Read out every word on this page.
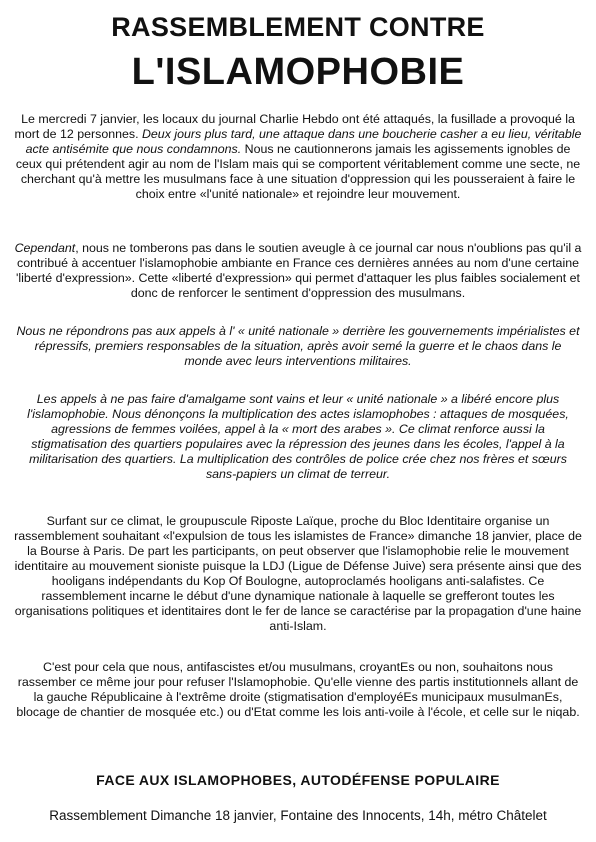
RASSEMBLEMENT CONTRE
L'ISLAMOPHOBIE

Le mercredi 7 janvier, les locaux du journal Charlie Hebdo ont été attaqués, la fusillade a provoqué la mort de 12 personnes. Deux jours plus tard, une attaque dans une boucherie casher a eu lieu, véritable acte antisémite que nous condamnons. Nous ne cautionnerons jamais les agissements ignobles de ceux qui prétendent agir au nom de l'Islam mais qui se comportent véritablement comme une secte, ne cherchant qu'à mettre les musulmans face à une situation d'oppression qui les pousseraient à faire le choix entre «l'unité nationale» et rejoindre leur mouvement.

Cependant, nous ne tomberons pas dans le soutien aveugle à ce journal car nous n'oublions pas qu'il a contribué à accentuer l'islamophobie ambiante en France ces dernières années au nom d'une certaine 'liberté d'expression». Cette «liberté d'expression» qui permet d'attaquer les plus faibles socialement et donc de renforcer le sentiment d'oppression des musulmans.

Nous ne répondrons pas aux appels à l' « unité nationale » derrière les gouvernements impérialistes et répressifs, premiers responsables de la situation, après avoir semé la guerre et le chaos dans le monde avec leurs interventions militaires.

Les appels à ne pas faire d'amalgame sont vains et leur « unité nationale » a libéré encore plus l'islamophobie. Nous dénonçons la multiplication des actes islamophobes : attaques de mosquées, agressions de femmes voilées, appel à la « mort des arabes ». Ce climat renforce aussi la stigmatisation des quartiers populaires avec la répression des jeunes dans les écoles, l'appel à la militarisation des quartiers. La multiplication des contrôles de police crée chez nos frères et sœurs sans-papiers un climat de terreur.

Surfant sur ce climat, le groupuscule Riposte Laïque, proche du Bloc Identitaire organise un rassemblement souhaitant «l'expulsion de tous les islamistes de France» dimanche 18 janvier, place de la Bourse à Paris. De part les participants, on peut observer que l'islamophobie relie le mouvement identitaire au mouvement sioniste puisque la LDJ (Ligue de Défense Juive) sera présente ainsi que des hooligans indépendants du Kop Of Boulogne, autoproclamés hooligans anti-salafistes. Ce rassemblement incarne le début d'une dynamique nationale à laquelle se grefferont toutes les organisations politiques et identitaires dont le fer de lance se caractérise par la propagation d'une haine anti-Islam.

C'est pour cela que nous, antifascistes et/ou musulmans, croyantEs ou non, souhaitons nous rassember ce même jour pour refuser l'Islamophobie. Qu'elle vienne des partis institutionnels allant de la gauche Républicaine à l'extrême droite (stigmatisation d'employéEs municipaux musulmanEs, blocage de chantier de mosquée etc.) ou d'Etat comme les lois anti-voile à l'école, et celle sur le niqab.

FACE AUX ISLAMOPHOBES, AUTODÉFENSE POPULAIRE
Rassemblement Dimanche 18 janvier, Fontaine des Innocents, 14h, métro Châtelet
